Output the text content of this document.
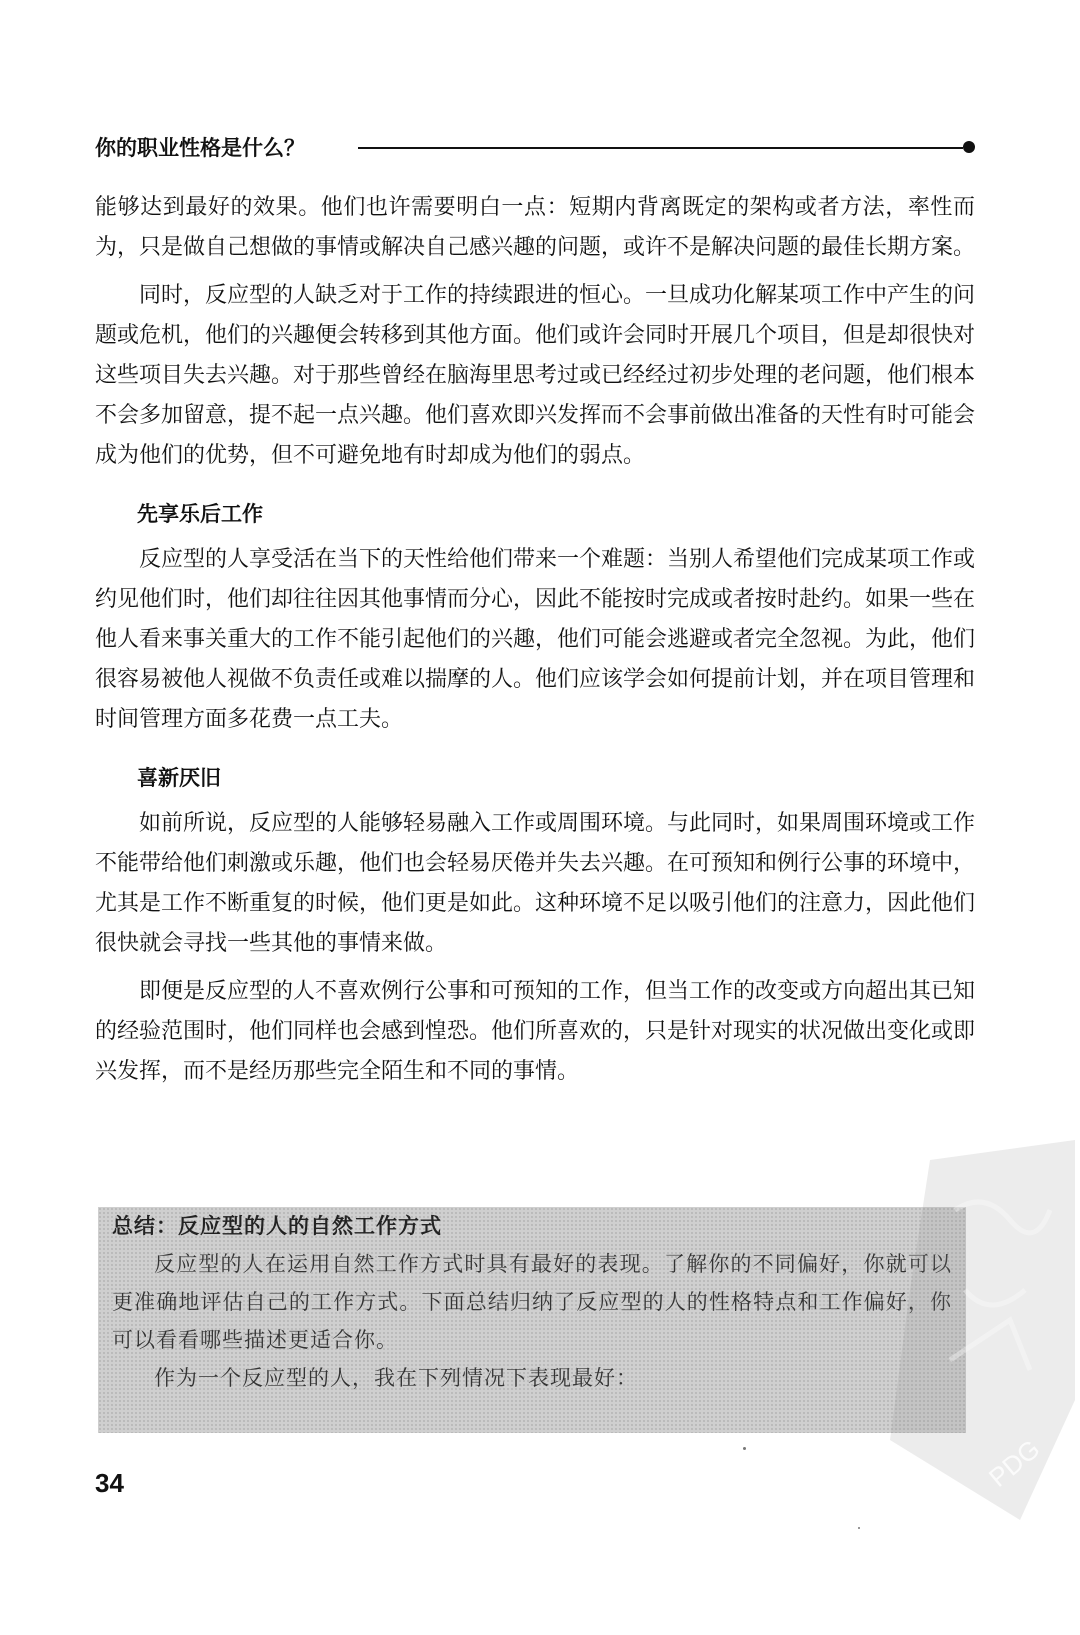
你的职业性格是什么？

能够达到最好的效果。他们也许需要明白一点：短期内背离既定的架构或者方法，率性而为，只是做自己想做的事情或解决自己感兴趣的问题，或许不是解决问题的最佳长期方案。

同时，反应型的人缺乏对于工作的持续跟进的恒心。一旦成功化解某项工作中产生的问题或危机，他们的兴趣便会转移到其他方面。他们或许会同时开展几个项目，但是却很快对这些项目失去兴趣。对于那些曾经在脑海里思考过或已经经过初步处理的老问题，他们根本不会多加留意，提不起一点兴趣。他们喜欢即兴发挥而不会事前做出准备的天性有时可能会成为他们的优势，但不可避免地有时却成为他们的弱点。

先享乐后工作

反应型的人享受活在当下的天性给他们带来一个难题：当别人希望他们完成某项工作或约见他们时，他们却往往因其他事情而分心，因此不能按时完成或者按时赴约。如果一些在他人看来事关重大的工作不能引起他们的兴趣，他们可能会逃避或者完全忽视。为此，他们很容易被他人视做不负责任或难以揣摩的人。他们应该学会如何提前计划，并在项目管理和时间管理方面多花费一点工夫。

喜新厌旧

如前所说，反应型的人能够轻易融入工作或周围环境。与此同时，如果周围环境或工作不能带给他们刺激或乐趣，他们也会轻易厌倦并失去兴趣。在可预知和例行公事的环境中，尤其是工作不断重复的时候，他们更是如此。这种环境不足以吸引他们的注意力，因此他们很快就会寻找一些其他的事情来做。

即便是反应型的人不喜欢例行公事和可预知的工作，但当工作的改变或方向超出其已知的经验范围时，他们同样也会感到惶恐。他们所喜欢的，只是针对现实的状况做出变化或即兴发挥，而不是经历那些完全陌生和不同的事情。

总结：反应型的人的自然工作方式

反应型的人在运用自然工作方式时具有最好的表现。了解你的不同偏好，你就可以更准确地评估自己的工作方式。下面总结归纳了反应型的人的性格特点和工作偏好，你可以看看哪些描述更适合你。

作为一个反应型的人，我在下列情况下表现最好：

PDG
34
